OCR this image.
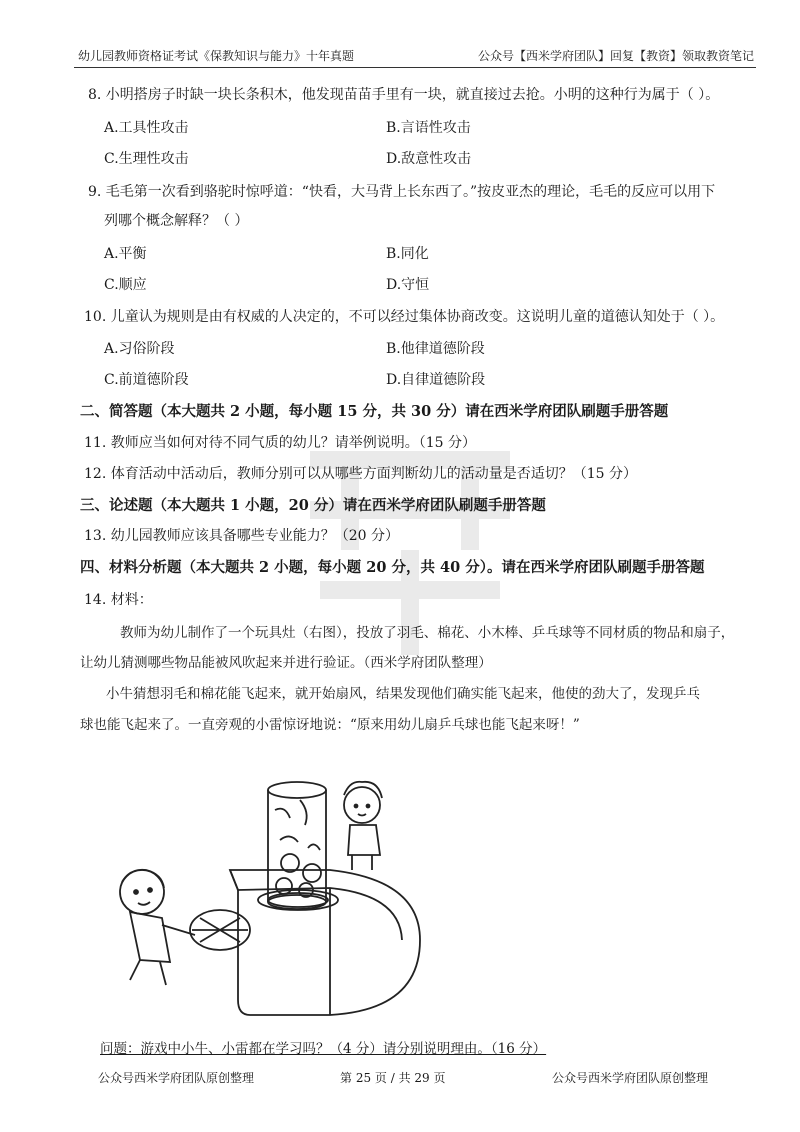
幼儿园教师资格证考试《保教知识与能力》十年真题	公众号【西米学府团队】回复【教资】领取教资笔记
8. 小明搭房子时缺一块长条积木，他发现苗苗手里有一块，就直接过去抢。小明的这种行为属于（ ）。
A.工具性攻击	B.言语性攻击
C.生理性攻击	D.敌意性攻击
9. 毛毛第一次看到骆驼时惊呼道：“快看，大马背上长东西了。”按皮亚杰的理论，毛毛的反应可以用下
列哪个概念解释？（ ）
A.平衡	B.同化
C.顺应	D.守恒
10. 儿童认为规则是由有权威的人决定的，不可以经过集体协商改变。这说明儿童的道德认知处于（ ）。
A.习俗阶段	B.他律道德阶段
C.前道德阶段	D.自律道德阶段
二、简答题（本大题共 2 小题，每小题 15 分，共 30 分）请在西米学府团队刷题手册答题
11. 教师应当如何对待不同气质的幼儿？请举例说明。（15 分）
12. 体育活动中活动后，教师分别可以从哪些方面判断幼儿的活动量是否适切？（15 分）
三、论述题（本大题共 1 小题，20 分）请在西米学府团队刷题手册答题
13. 幼儿园教师应该具备哪些专业能力？（20 分）
四、材料分析题（本大题共 2 小题，每小题 20 分，共 40 分）。请在西米学府团队刷题手册答题
14. 材料：
教师为幼儿制作了一个玩具灶（右图），投放了羽毛、棉花、小木棒、乒乓球等不同材质的物品和扇子，
让幼儿猜测哪些物品能被风吹起来并进行验证。（西米学府团队整理）
小牛猜想羽毛和棉花能飞起来，就开始扇风，结果发现他们确实能飞起来，他使的劲大了，发现乒乓
球也能飞起来了。一直旁观的小雷惊讶地说：“原来用幼儿扇乒乓球也能飞起来呀！”
问题：游戏中小牛、小雷都在学习吗？（4 分）请分别说明理由。（16 分）
公众号西米学府团队原创整理	第 25 页 / 共 29 页	公众号西米学府团队原创整理
